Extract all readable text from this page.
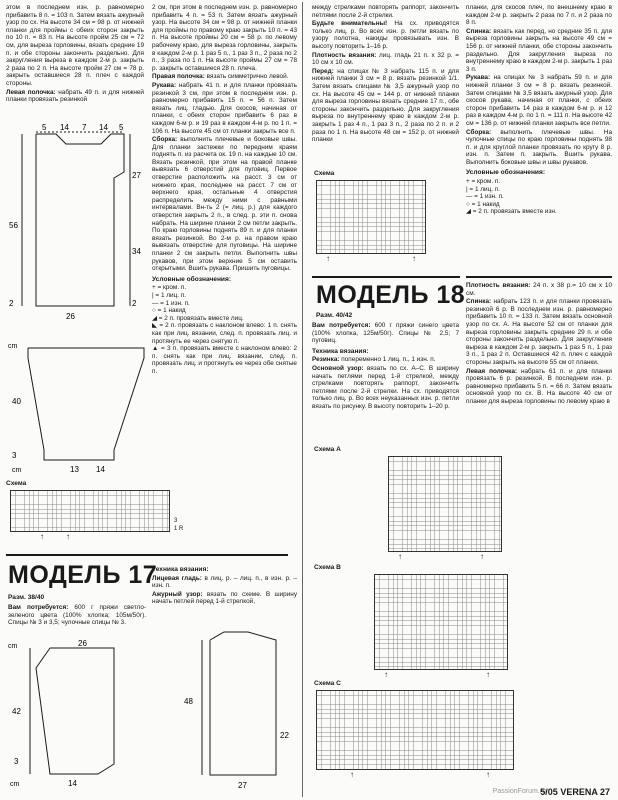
этом в последнем изн. р. равномерно прибавить 8 п. = 103 п. Затем вязать ажурный узор по сх. На высоте 34 см = 98 р. от нижней планки для проймы с обеих сторон закрыть по 10 п. = 83 п. На высоте пройм 25 см = 72 см, для выреза горловины, вязать средние 19 п. и обе стороны закончить раздельно. Для закругления выреза в каждом 2-м р. закрыть 2 раза по 2 п. На высоте пройм 27 см = 78 р. закрыть оставшиеся 28 п. плеч с каждой стороны.

Левая полочка: набрать 49 п. и для нижней планки провязать резинкой

5 14 7 14 5
27
56
34
2
2
26
cm
40
3
cm	13 14
Схема
3
1 R
↑	↑
МОДЕЛЬ 17
Разм. 38/40

Вам потребуется: 600 г пряжи светло-зеленого цвета (100% хлопка; 105м/50г). Спицы № 3 и 3,5; чулочные спицы № 3.

cm	26
42
3
cm	14

2 см, при этом в последнем изн. р. равномерно прибавить 4 п. = 53 п. Затем вязать ажурный узор. На высоте 34 см = 98 р. от нижней планки для проймы по правому краю закрыть 10 п. = 43 п. На высоте проймы 20 см = 58 р. по левому рабочему краю, для выреза горловины, закрыть в каждом 2-м р. 1 раз 5 п., 1 раз 3 п., 2 раза по 2 п., 3 раза по 1 п. На высоте проймы 27 см = 78 р. закрыть оставшиеся 28 п. плеча.

Правая полочка: вязать симметрично левой.

Рукава: набрать 41 п. и для планки провязать резинкой 3 см, при этом в последнем изн. р. равномерно прибавить 15 п. = 56 п. Затем вязать лиц. гладью. Для скосов, начиная от планки, с обеих сторон прибавить 6 раз в каждом 6-м р. и 19 раз в каждом 4-м р. по 1 п. = 106 п. На высоте 45 см от планки закрыть все п.

Сборка: выполнить плечевые и боковые швы. Для планки застежки по передним краям поднять п. из расчета ок. 19 п. на каждые 10 см. Вязать резинкой, при этом на правой планке вывязать 6 отверстий для пуговиц. Первое отверстие расположить на расст. 3 см от нижнего края, последнее на расст. 7 см от верхнего края, остальные 4 отверстия распределить между ними с равными интервалами. Вн-ть 2 (= лиц. р.) для каждого отверстия закрыть 2 п., в след. р. эти п. снова набрать. На ширине планки 2 см петли закрыть. По краю горловины поднять 89 п. и для планки вязать резинкой. Во 2-м р. на правом краю вывязать отверстие для пуговицы. На ширине планки 2 см закрыть петли. Выполнить швы рукавов, при этом верхние 5 см оставить открытыми. Вшить рукава. Пришить пуговицы.

Условные обозначения:

+ = кром. п.
| = 1 лиц. п.
— = 1 изн. п.
○ = 1 накид
◢ = 2 п. провязать вместе лиц.
◣ = 2 п. провязать с наклоном влево: 1 п. снять как при лиц. вязании, след. п. провязать лиц. и протянуть ее через снятую п.
▲ = 3 п. провязать вместе с наклоном влево: 2 п. снять как при лиц. вязании, след. п. провязать лиц. и протянуть ее через обе снятые п.

Техника вязания:

Лицевая гладь: в лиц. р. – лиц. п., в изн. р. – изн. п.

Ажурный узор: вязать по схеме. В ширину начать петлей перед 1-й стрелкой,

48
22
27

между стрелками повторять раппорт, закончить петлями после 2-й стрелки.

Будьте внимательны! На сх. приводятся только лиц. р. Во всех изн. р. петли вязать по узору полотна, накиды провязывать изн. В высоту повторить 1–16 р.

Плотность вязания: лиц. гладь 21 п. х 32 р. = 10 см х 10 см.

Перед: на спицах № 3 набрать 115 п. и для нижней планки 3 см = 8 р. вязать резинкой 1/1. Затем вязать спицами № 3,5 ажурный узор по сх. На высоте 45 см = 144 р. от нижней планки для выреза горловины вязать средние 17 п., обе стороны закончить раздельно. Для закругления выреза по внутреннему краю в каждом 2-м р. закрыть 1 раз 4 п., 1 раз 3 п., 2 раза по 2 п. и 2 раза по 1 п. На высоте 48 см = 152 р. от нижней планки

Схема
↑	↑
МОДЕЛЬ 18
Разм. 40/42

Вам потребуется: 600 г пряжи синего цвета (100% хлопка, 125м/50г). Спицы № 2,5; 7 пуговиц.

Техника вязания:

Резинка: попеременно 1 лиц. п., 1 изн. п.

Основной узор: вязать по сх. A–C. В ширину начать петлями перед 1-й стрелкой, между стрелками повторять раппорт, закончить петлями после 2-й стрелки. На сх. приводятся только лиц. р. Во всех неуказанных изн. р. петли вязать по рисунку. В высоту повторить 1–20 р.

Схема A
↑	↑
Схема B
↑	↑
Схема C
↑	↑

планки, для скосов плеч, по внешнему краю в каждом 2-м р. закрыть 2 раза по 7 п. и 2 раза по 8 п.

Спинка: вязать как перед, но средние 35 п. для выреза горловины закрыть на высоте 49 см = 156 р. от нижней планки, обе стороны закончить раздельно. Для закругления выреза по внутреннему краю в каждом 2-м р. закрыть 1 раз 3 п.

Рукава: на спицах № 3 набрать 59 п. и для нижней планки 3 см = 8 р. вязать резинкой. Затем спицами № 3,5 вязать ажурный узор. Для скосов рукава, начиная от планки, с обеих сторон прибавить 14 раз в каждом 6-м р. и 12 раз в каждом 4-м р. по 1 п. = 111 п. На высоте 42 см = 136 р. от нижней планки закрыть все петли.

Сборка: выполнить плечевые швы. На чулочные спицы по краю горловины поднять 98 п. и для круглой планки провязать по кругу 8 р. изн. п. Затем п. закрыть. Вшить рукава. Выполнить боковые швы и швы рукавов.

Условные обозначения:

+ = кром. п.
| = 1 лиц. п.
— = 1 изн. п.
○ = 1 накид
◢ = 2 п. провязать вместе изн.

Плотность вязания: 24 п. х 38 р.= 10 см х 10 см.

Спинка: набрать 123 п. и для планки провязать резинкой 6 р. В последнем изн. р. равномерно прибавить 10 п. = 133 п. Затем вязать основной узор по сх. А. На высоте 52 см от планки для выреза горловины закрыть средние 29 п. и обе стороны закончить раздельно. Для закругления выреза в каждом 2-м р. закрыть 1 раз 5 п., 1 раз 3 п., 1 раз 2 п. Оставшиеся 42 п. плеч с каждой стороны закрыть на высоте 55 см от планки.

Левая полочка: набрать 61 п. и для планки провязать 6 р. резинкой. В последнем изн. р. равномерно прибавить 5 п. = 66 п. Затем вязать основной узор по сх. В. На высоте 40 см от планки для выреза горловины по левому краю в

PassionForum.ru
5/05 VERENA 27
